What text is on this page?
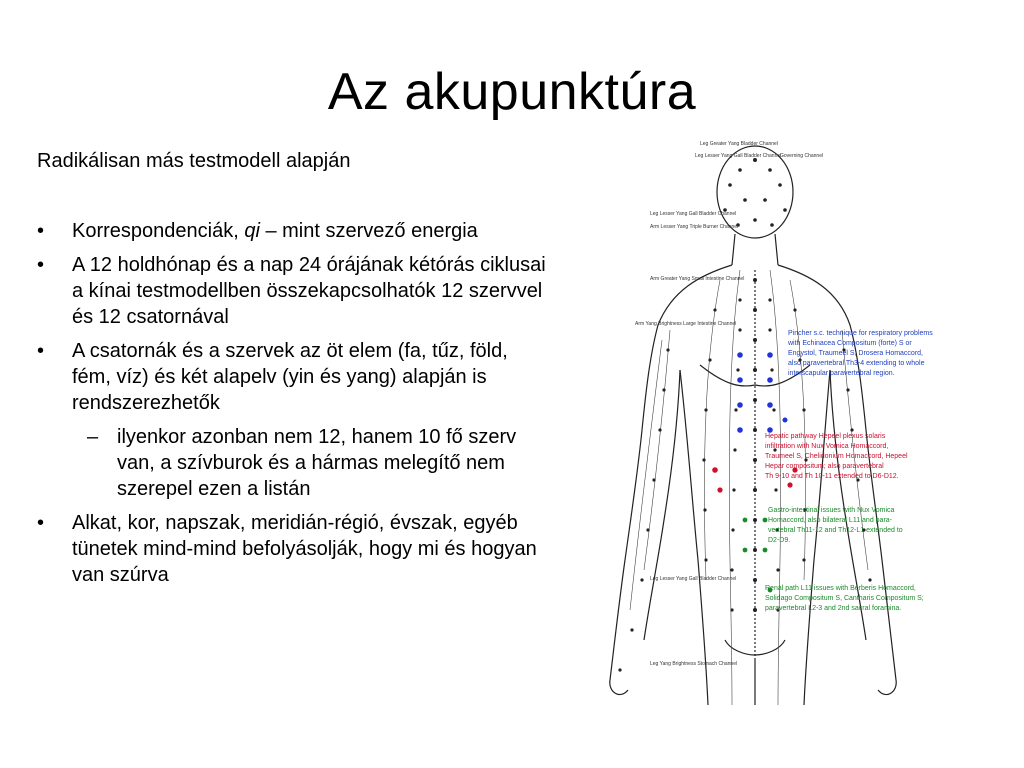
Az akupunktúra
Radikálisan más testmodell alapján
• Korrespondenciák, qi – mint szervező energia
• A 12 holdhónap és a nap 24 órájának kétórás ciklusai a kínai testmodellben összekapcsolhatók 12 szervvel és 12 csatornával
• A csatornák és a szervek az öt elem (fa, tűz, föld, fém, víz) és két alapelv (yin és yang) alapján is rendszerezhetők
– ilyenkor azonban nem 12, hanem 10 fő szerv van, a szívburok és a hármas melegítő nem szerepel ezen a listán
• Alkat, kor, napszak, meridián-régió, évszak, egyéb tünetek mind-mind befolyásolják, hogy mi és hogyan van szúrva
Leg Greater Yang Bladder Channel
Leg Lesser Yang Gall Bladder Channel
Governing Channel
Leg Lesser Yang Gall Bladder Channel
Arm Lesser Yang Triple Burner Channel
Arm Greater Yang Small Intestine Channel
Arm Yang Brightness Large Intestine Channel
Leg Lesser Yang Gall Bladder Channel
Leg Yang Brightness Stomach Channel
Pincher s.c. technique for respiratory problems
with Echinacea Compositum (forte) S or
Engystol, Traumeel S, Drosera Homaccord,
also paravertebral Th3-4 extending to whole
interscapular paravertebral region.
Hepatic pathway Hepeel plexus solaris
infiltration with Nux Vomica Homaccord,
Traumeel S, Chelidonium Homaccord, Hepeel
Hepar compositum; also paravertebral
Th 9-10 and Th 10-11 extended to D6-D12.
Gastro-intestinal issues with Nux Vomica
Homaccord, also bilateral L11 and para-
vertebral Th11-12 and Th12-L1 extended to
D2-D9.
Renal path L11 issues with Berberis Homaccord,
Solidago Compositum S, Cantharis Compositum S;
paravertebral L2-3 and 2nd sacral foramina.
